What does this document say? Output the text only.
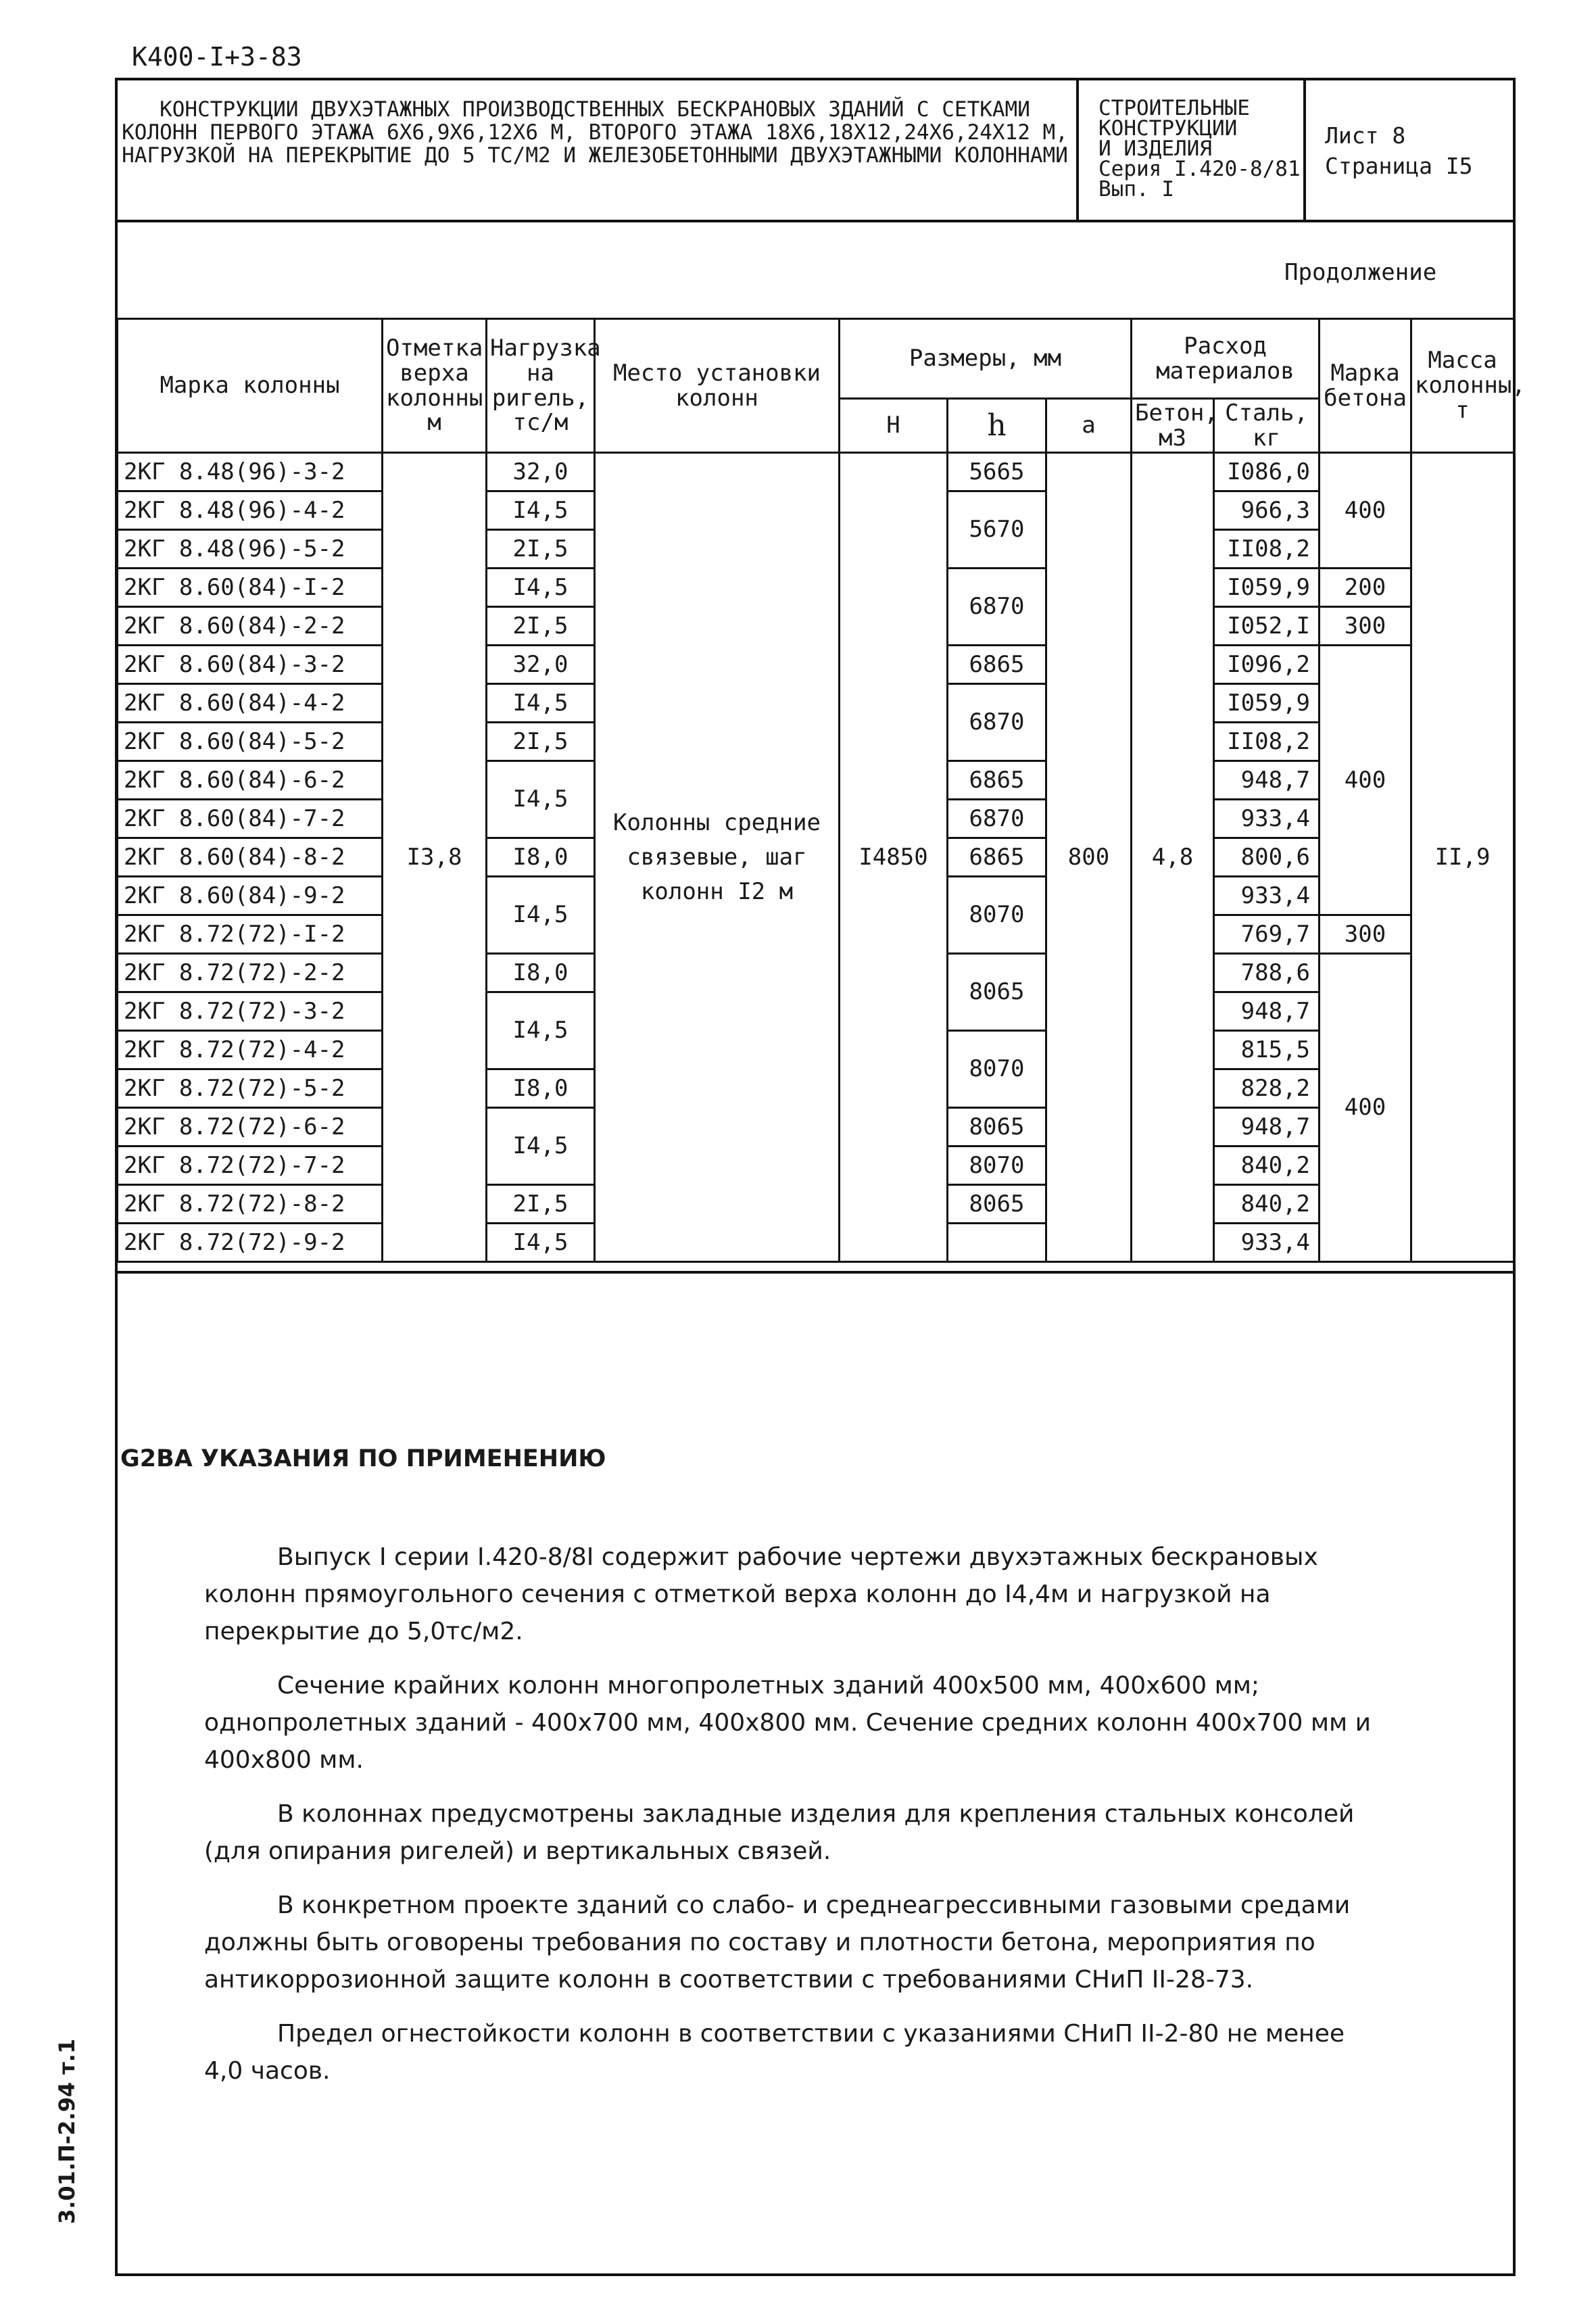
К400-I+3-83
КОНСТРУКЦИИ ДВУХЭТАЖНЫХ ПРОИЗВОДСТВЕННЫХ БЕСКРАНОВЫХ ЗДАНИЙ С СЕТКАМИ КОЛОНН ПЕРВОГО ЭТАЖА 6Х6,9Х6,12Х6 М, ВТОРОГО ЭТАЖА 18Х6,18Х12,24Х6,24Х12 М, НАГРУЗКОЙ НА ПЕРЕКРЫТИЕ ДО 5 ТС/М2 И ЖЕЛЕЗОБЕТОННЫМИ ДВУХЭТАЖНЫМИ КОЛОННАМИ
СТРОИТЕЛЬНЫЕ
КОНСТРУКЦИИ
И ИЗДЕЛИЯ
Серия I.420-8/81
Вып. I
Лист 8
Страница I5
Продолжение
Марка колонны	Отметка верха колонны м	Нагрузка на ригель, тс/м	Место установки колонн	Размеры, мм			Расход материалов		Марка бетона	Масса колонны, т
				Н	h	а	Бетон, м3	Сталь, кг		
2КГ 8.48(96)-3-2	I3,8	32,0	Колонны средние связевые, шаг колонн I2 м	I4850	5665	800	4,8	I086,0	400	II,9
2КГ 8.48(96)-4-2		I4,5			5670			966,3		
2КГ 8.48(96)-5-2		2I,5						II08,2		
2КГ 8.60(84)-I-2		I4,5			6870			I059,9	200	
2КГ 8.60(84)-2-2		2I,5						I052,I	300	
2КГ 8.60(84)-3-2		32,0			6865			I096,2	400	
2КГ 8.60(84)-4-2		I4,5			6870			I059,9		
2КГ 8.60(84)-5-2		2I,5						II08,2		
2КГ 8.60(84)-6-2		I4,5			6865			948,7		
2КГ 8.60(84)-7-2					6870			933,4		
2КГ 8.60(84)-8-2		I8,0			6865			800,6		
2КГ 8.60(84)-9-2		I4,5			8070			933,4		
2КГ 8.72(72)-I-2								769,7	300	
2КГ 8.72(72)-2-2		I8,0			8065			788,6	400	
2КГ 8.72(72)-3-2		I4,5						948,7		
2КГ 8.72(72)-4-2					8070			815,5		
2КГ 8.72(72)-5-2		I8,0						828,2		
2КГ 8.72(72)-6-2		I4,5			8065			948,7		
2КГ 8.72(72)-7-2					8070			840,2		
2КГ 8.72(72)-8-2		2I,5			8065			840,2		
2КГ 8.72(72)-9-2		I4,5						933,4		
G2BA УКАЗАНИЯ ПО ПРИМЕНЕНИЮ

Выпуск I серии I.420-8/8I содержит рабочие чертежи двухэтажных бескрановых колонн прямоугольного сечения с отметкой верха колонн до I4,4м и нагрузкой на перекрытие до 5,0тс/м2.

Сечение крайних колонн многопролетных зданий 400х500 мм, 400х600 мм; однопролетных зданий - 400х700 мм, 400х800 мм. Сечение средних колонн 400х700 мм и 400х800 мм.

В колоннах предусмотрены закладные изделия для крепления стальных консолей (для опирания ригелей) и вертикальных связей.

В конкретном проекте зданий со слабо- и среднеагрессивными газовыми средами должны быть оговорены требования по составу и плотности бетона, мероприятия по антикоррозионной защите колонн в соответствии с требованиями СНиП II-28-73.

Предел огнестойкости колонн в соответствии с указаниями СНиП II-2-80 не менее 4,0 часов.

3.01.П-2.94 т.1
